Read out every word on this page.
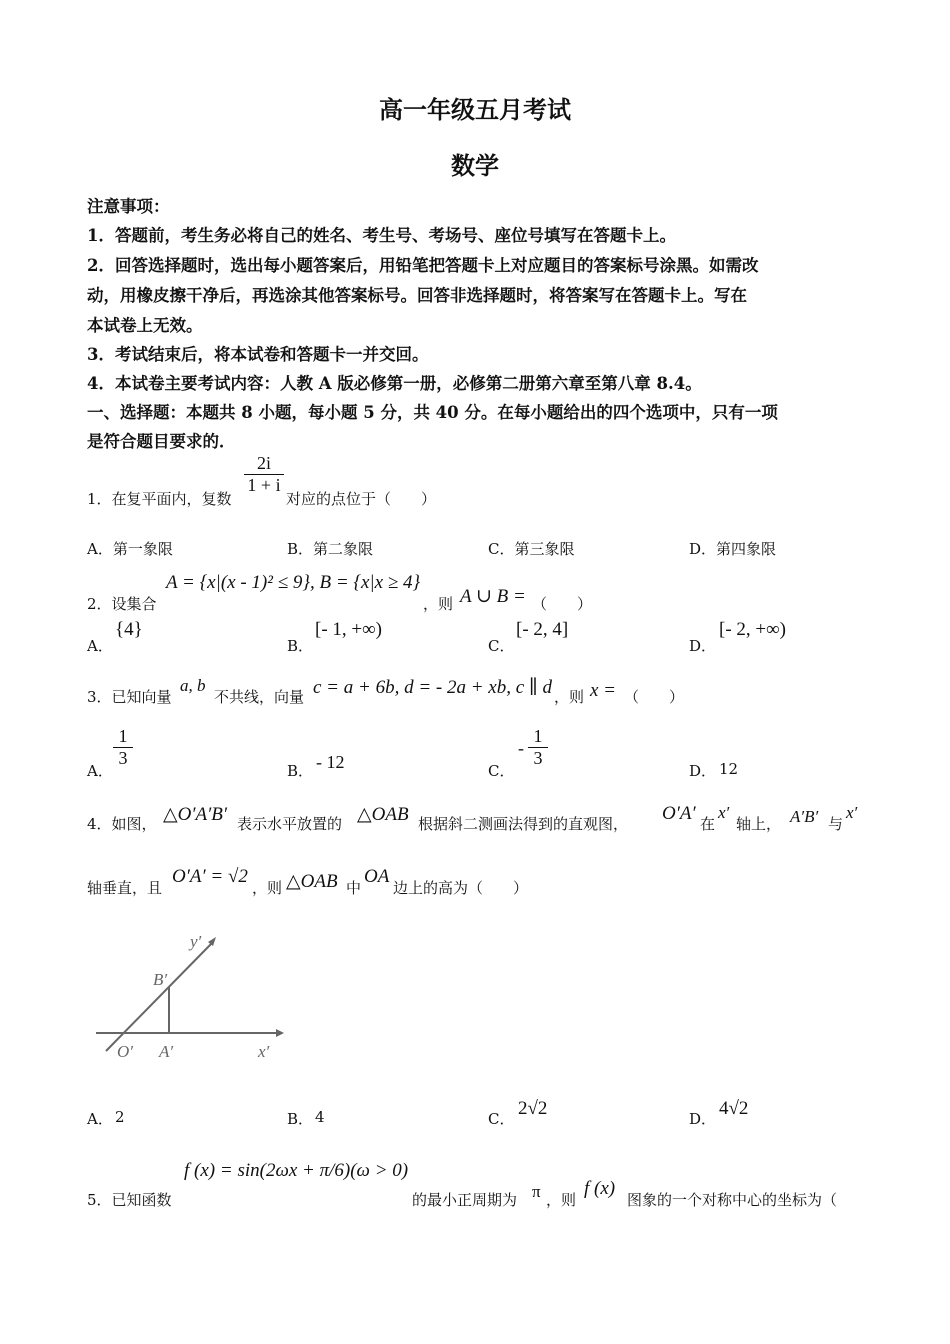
高一年级五月考试
数学
注意事项：
1．答题前，考生务必将自己的姓名、考生号、考场号、座位号填写在答题卡上。
2．回答选择题时，选出每小题答案后，用铅笔把答题卡上对应题目的答案标号涂黑。如需改
动，用橡皮擦干净后，再选涂其他答案标号。回答非选择题时，将答案写在答题卡上。写在
本试卷上无效。
3．考试结束后，将本试卷和答题卡一并交回。
4．本试卷主要考试内容：人教 A 版必修第一册，必修第二册第六章至第八章 8.4。
一、选择题：本题共 8 小题，每小题 5 分，共 40 分。在每小题给出的四个选项中，只有一项
是符合题目要求的．
1．在复平面内，复数
$\frac{2i}{1 + i}$
对应的点位于（　　）
A．第一象限	B．第二象限	C．第三象限	D．第四象限
2．设集合
A = {x|(x - 1)² ≤ 9}, B = {x|x ≥ 4}
，则 A ∪ B = （　　）
A．
{4}
B．
[- 1, +∞)
C．
[- 2, 4]
D．
[- 2, +∞)
3．已知向量
a, b
不共线，向量 c = a + 6b, d = - 2a + xb, c ∥ d ，则 x = （　　）
A．
$\frac{1}{3}$
B． - 12	C．
- $\frac{1}{3}$
D． 12
4．如图， △O′A′B′ 表示水平放置的 △OAB 根据斜二测画法得到的直观图， O′A′ 在
x′
轴上， A′B′ 与
x′
轴垂直，且
O′A′ = √2
，则 △OAB 中
OA
边上的高为（　　）
y′
B′
O′ A′	x′
A． 2	B． 4	C． 2√2	D． 4√2
5．已知函数
f (x) = sin(2ωx + π/6)(ω > 0)
的最小正周期为 π ，则
f (x)
图象的一个对称中心的坐标为（
